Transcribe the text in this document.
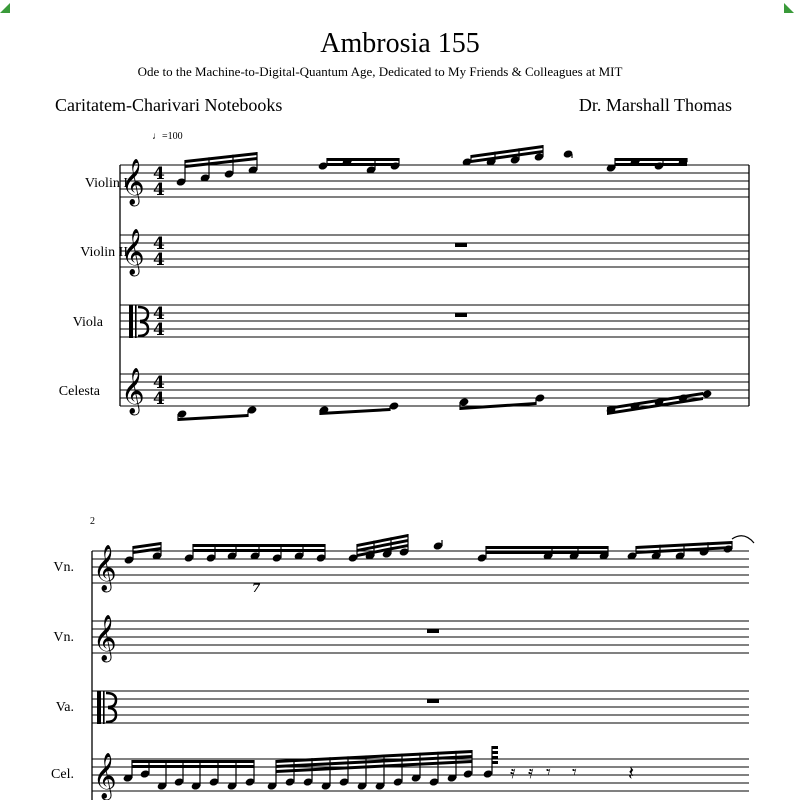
Ambrosia 155
Ode to the Machine-to-Digital-Quantum Age, Dedicated to My Friends & Colleagues at MIT
Caritatem-Charivari Notebooks	Dr. Marshall Thomas
♩=100
Violin I
Violin II
Viola
Celesta
2
Vn.
Vn.
Va.
Cel.
𝄞
𝄞
𝄞
4
4
4
4
4
4
4
4
𝄞
𝄞
𝄞
7
𝄿 𝄿 𝄾 𝄾	𝄽
